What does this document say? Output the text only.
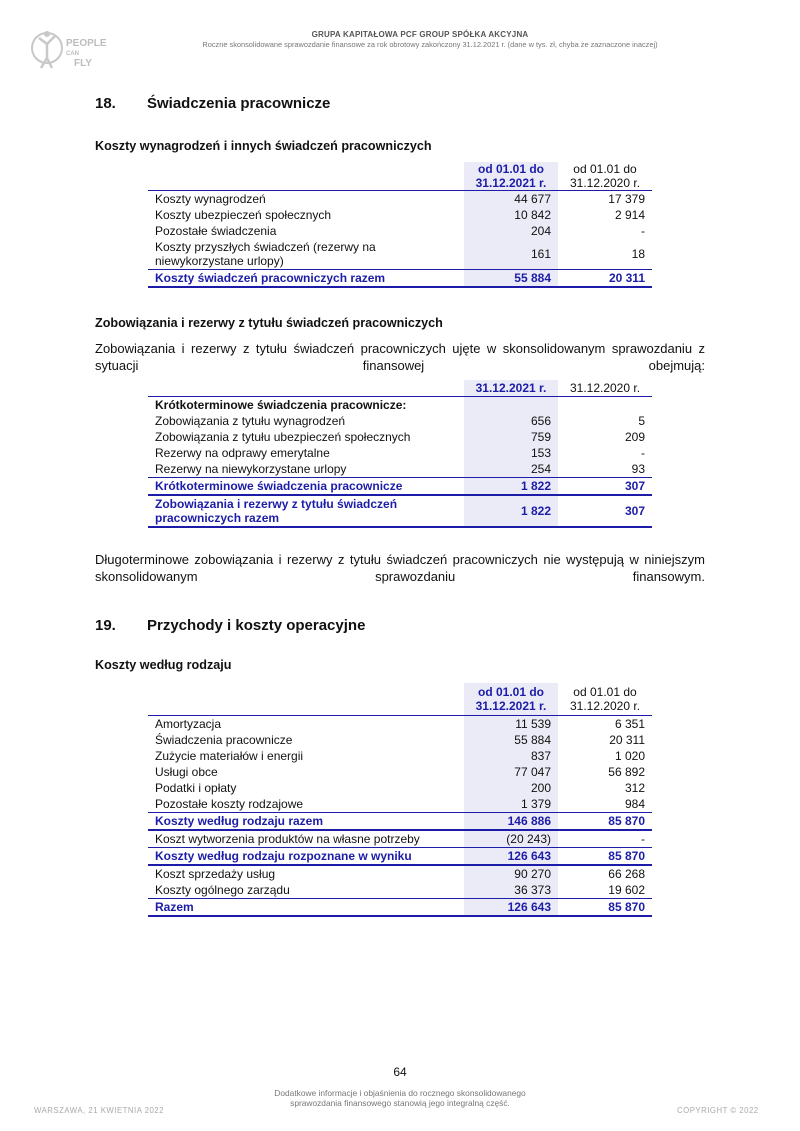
PEOPLE
CAN
FLY
GRUPA KAPITAŁOWA PCF GROUP SPÓŁKA AKCYJNA
Roczne skonsolidowane sprawozdanie finansowe za rok obrotowy zakończony 31.12.2021 r. (dane w tys. zł, chyba że zaznaczone inaczej)
18. Świadczenia pracownicze
Koszty wynagrodzeń i innych świadczeń pracowniczych
	od 01.01 do
31.12.2021 r.	od 01.01 do
31.12.2020 r.
Koszty wynagrodzeń	44 677	17 379
Koszty ubezpieczeń społecznych	10 842	2 914
Pozostałe świadczenia	204	-
Koszty przyszłych świadczeń (rezerwy na niewykorzystane urlopy)	161	18
Koszty świadczeń pracowniczych razem	55 884	20 311
Zobowiązania i rezerwy z tytułu świadczeń pracowniczych
Zobowiązania i rezerwy z tytułu świadczeń pracowniczych ujęte w skonsolidowanym sprawozdaniu z sytuacji finansowej obejmują:
	31.12.2021 r.	31.12.2020 r.
Krótkoterminowe świadczenia pracownicze:		
Zobowiązania z tytułu wynagrodzeń	656	5
Zobowiązania z tytułu ubezpieczeń społecznych	759	209
Rezerwy na odprawy emerytalne	153	-
Rezerwy na niewykorzystane urlopy	254	93
Krótkoterminowe świadczenia pracownicze	1 822	307
Zobowiązania i rezerwy z tytułu świadczeń pracowniczych razem	1 822	307
Długoterminowe zobowiązania i rezerwy z tytułu świadczeń pracowniczych nie występują w niniejszym skonsolidowanym sprawozdaniu finansowym.
19. Przychody i koszty operacyjne
Koszty według rodzaju
	od 01.01 do
31.12.2021 r.	od 01.01 do
31.12.2020 r.
Amortyzacja	11 539	6 351
Świadczenia pracownicze	55 884	20 311
Zużycie materiałów i energii	837	1 020
Usługi obce	77 047	56 892
Podatki i opłaty	200	312
Pozostałe koszty rodzajowe	1 379	984
Koszty według rodzaju razem	146 886	85 870
Koszt wytworzenia produktów na własne potrzeby	(20 243)	-
Koszty według rodzaju rozpoznane w wyniku	126 643	85 870
Koszt sprzedaży usług	90 270	66 268
Koszty ogólnego zarządu	36 373	19 602
Razem	126 643	85 870
64
Dodatkowe informacje i objaśnienia do rocznego skonsolidowanego
sprawozdania finansowego stanowią jego integralną część.
WARSZAWA, 21 KWIETNIA 2022	COPYRIGHT © 2022
